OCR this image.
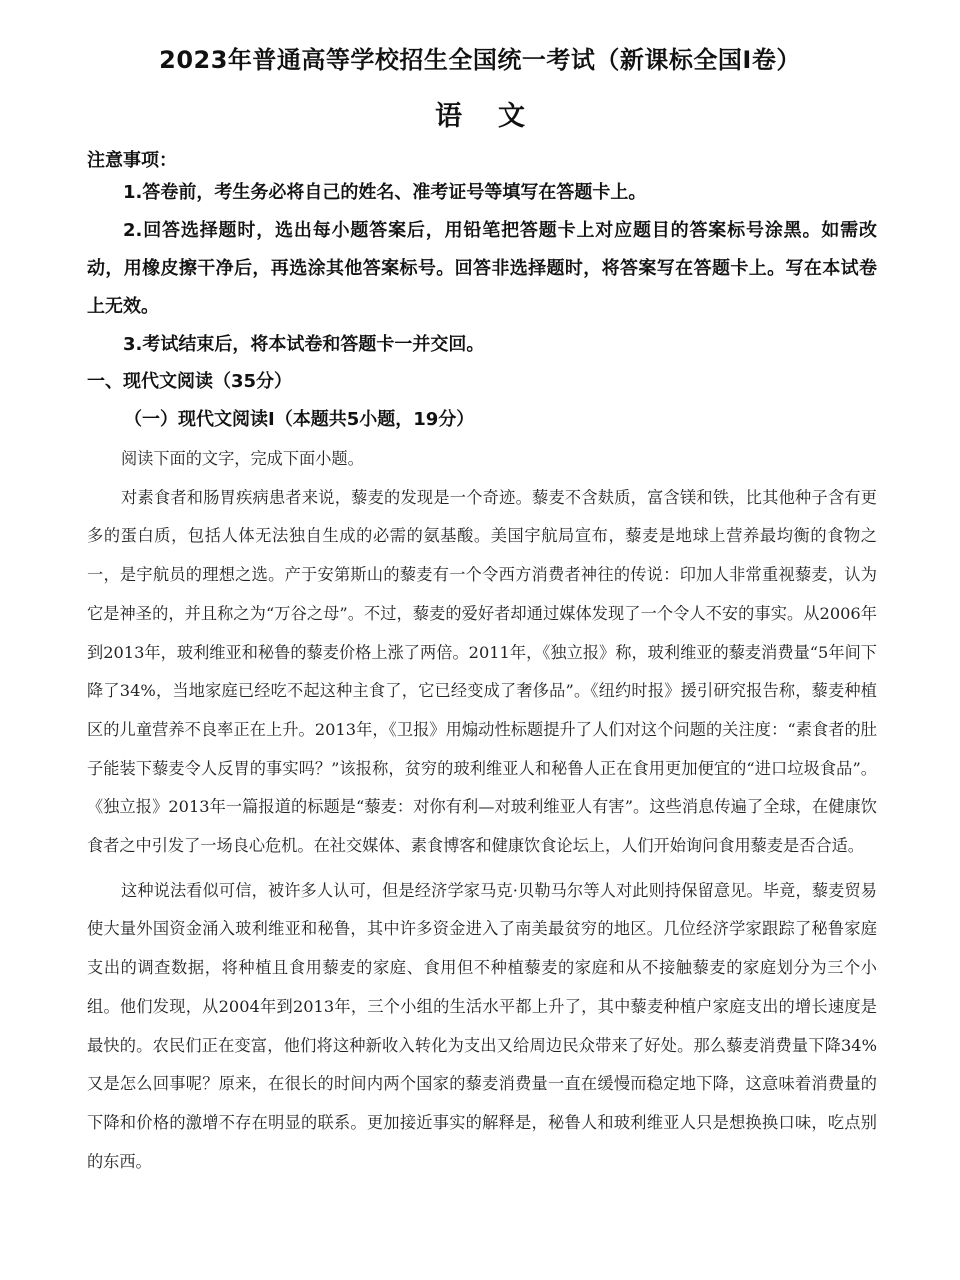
2023年普通高等学校招生全国统一考试（新课标全国Ⅰ卷）
语文
注意事项：
1.答卷前，考生务必将自己的姓名、准考证号等填写在答题卡上。
2.回答选择题时，选出每小题答案后，用铅笔把答题卡上对应题目的答案标号涂黑。如需改动，用橡皮擦干净后，再选涂其他答案标号。回答非选择题时，将答案写在答题卡上。写在本试卷上无效。
3.考试结束后，将本试卷和答题卡一并交回。
一、现代文阅读（35分）
（一）现代文阅读Ⅰ（本题共5小题，19分）

阅读下面的文字，完成下面小题。

对素食者和肠胃疾病患者来说，藜麦的发现是一个奇迹。藜麦不含麸质，富含镁和铁，比其他种子含有更多的蛋白质，包括人体无法独自生成的必需的氨基酸。美国宇航局宣布，藜麦是地球上营养最均衡的食物之一，是宇航员的理想之选。产于安第斯山的藜麦有一个令西方消费者神往的传说：印加人非常重视藜麦，认为它是神圣的，并且称之为“万谷之母”。不过，藜麦的爱好者却通过媒体发现了一个令人不安的事实。从2006年到2013年，玻利维亚和秘鲁的藜麦价格上涨了两倍。2011年，《独立报》称，玻利维亚的藜麦消费量“5年间下降了34%，当地家庭已经吃不起这种主食了，它已经变成了奢侈品”。《纽约时报》援引研究报告称，藜麦种植区的儿童营养不良率正在上升。2013年，《卫报》用煽动性标题提升了人们对这个问题的关注度：“素食者的肚子能装下藜麦令人反胃的事实吗？”该报称，贫穷的玻利维亚人和秘鲁人正在食用更加便宜的“进口垃圾食品”。《独立报》2013年一篇报道的标题是“藜麦：对你有利—对玻利维亚人有害”。这些消息传遍了全球，在健康饮食者之中引发了一场良心危机。在社交媒体、素食博客和健康饮食论坛上，人们开始询问食用藜麦是否合适。

这种说法看似可信，被许多人认可，但是经济学家马克·贝勒马尔等人对此则持保留意见。毕竟，藜麦贸易使大量外国资金涌入玻利维亚和秘鲁，其中许多资金进入了南美最贫穷的地区。几位经济学家跟踪了秘鲁家庭支出的调查数据，将种植且食用藜麦的家庭、食用但不种植藜麦的家庭和从不接触藜麦的家庭划分为三个小组。他们发现，从2004年到2013年，三个小组的生活水平都上升了，其中藜麦种植户家庭支出的增长速度是最快的。农民们正在变富，他们将这种新收入转化为支出又给周边民众带来了好处。那么藜麦消费量下降34%又是怎么回事呢？原来，在很长的时间内两个国家的藜麦消费量一直在缓慢而稳定地下降，这意味着消费量的下降和价格的激增不存在明显的联系。更加接近事实的解释是，秘鲁人和玻利维亚人只是想换换口味，吃点别的东西。
